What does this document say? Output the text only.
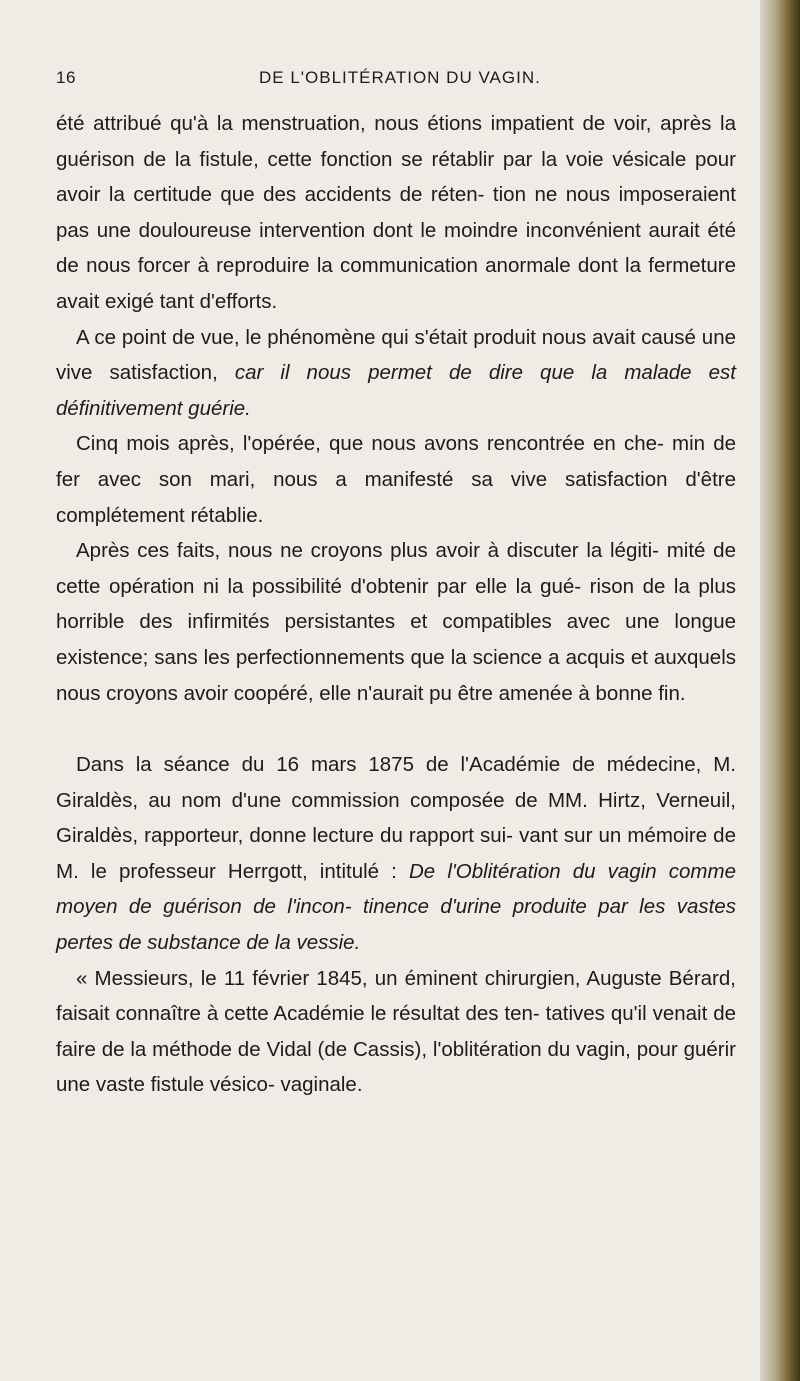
16	DE L'OBLITÉRATION DU VAGIN.

été attribué qu'à la menstruation, nous étions impatient de voir, après la guérison de la fistule, cette fonction se rétablir par la voie vésicale pour avoir la certitude que des accidents de réten- tion ne nous imposeraient pas une douloureuse intervention dont le moindre inconvénient aurait été de nous forcer à reproduire la communication anormale dont la fermeture avait exigé tant d'efforts.

A ce point de vue, le phénomène qui s'était produit nous avait causé une vive satisfaction, car il nous permet de dire que la malade est définitivement guérie.

Cinq mois après, l'opérée, que nous avons rencontrée en che- min de fer avec son mari, nous a manifesté sa vive satisfaction d'être complétement rétablie.

Après ces faits, nous ne croyons plus avoir à discuter la légiti- mité de cette opération ni la possibilité d'obtenir par elle la gué- rison de la plus horrible des infirmités persistantes et compatibles avec une longue existence; sans les perfectionnements que la science a acquis et auxquels nous croyons avoir coopéré, elle n'aurait pu être amenée à bonne fin.

Dans la séance du 16 mars 1875 de l'Académie de médecine, M. Giraldès, au nom d'une commission composée de MM. Hirtz, Verneuil, Giraldès, rapporteur, donne lecture du rapport sui- vant sur un mémoire de M. le professeur Herrgott, intitulé : De l'Oblitération du vagin comme moyen de guérison de l'incon- tinence d'urine produite par les vastes pertes de substance de la vessie.

« Messieurs, le 11 février 1845, un éminent chirurgien, Auguste Bérard, faisait connaître à cette Académie le résultat des ten- tatives qu'il venait de faire de la méthode de Vidal (de Cassis), l'oblitération du vagin, pour guérir une vaste fistule vésico- vaginale.
